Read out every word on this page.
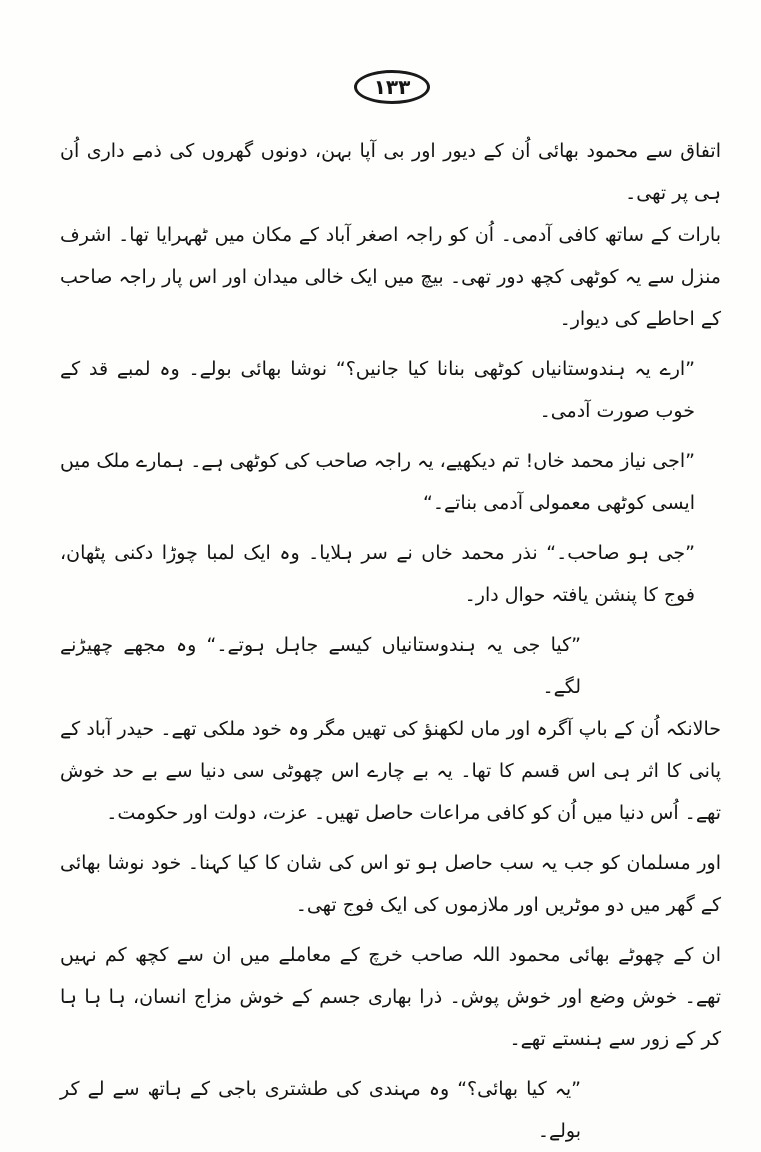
۱۳۳

اتفاق سے محمود بھائی اُن کے دیور اور بی آپا بہن، دونوں گھروں کی ذمے داری اُن ہی پر تھی۔

بارات کے ساتھ کافی آدمی۔ اُن کو راجہ اصغر آباد کے مکان میں ٹھہرایا تھا۔ اشرف منزل سے یہ کوٹھی کچھ دور تھی۔ بیچ میں ایک خالی میدان اور اس پار راجہ صاحب کے احاطے کی دیوار۔

”ارے یہ ہندوستانیاں کوٹھی بنانا کیا جانیں؟“ نوشا بھائی بولے۔ وہ لمبے قد کے خوب صورت آدمی۔

”اجی نیاز محمد خاں! تم دیکھیے، یہ راجہ صاحب کی کوٹھی ہے۔ ہمارے ملک میں ایسی کوٹھی معمولی آدمی بناتے۔“

”جی ہو صاحب۔“ نذر محمد خاں نے سر ہلایا۔ وہ ایک لمبا چوڑا دکنی پٹھان، فوج کا پنشن یافتہ حوال دار۔

”کیا جی یہ ہندوستانیاں کیسے جاہل ہوتے۔“ وہ مجھے چھیڑنے لگے۔

حالانکہ اُن کے باپ آگرہ اور ماں لکھنؤ کی تھیں مگر وہ خود ملکی تھے۔ حیدر آباد کے پانی کا اثر ہی اس قسم کا تھا۔ یہ بے چارے اس چھوٹی سی دنیا سے بے حد خوش تھے۔ اُس دنیا میں اُن کو کافی مراعات حاصل تھیں۔ عزت، دولت اور حکومت۔

اور مسلمان کو جب یہ سب حاصل ہو تو اس کی شان کا کیا کہنا۔ خود نوشا بھائی کے گھر میں دو موٹریں اور ملازموں کی ایک فوج تھی۔

ان کے چھوٹے بھائی محمود اللہ صاحب خرچ کے معاملے میں ان سے کچھ کم نہیں تھے۔ خوش وضع اور خوش پوش۔ ذرا بھاری جسم کے خوش مزاج انسان، ہا ہا ہا کر کے زور سے ہنستے تھے۔

”یہ کیا بھائی؟“ وہ مہندی کی طشتری باجی کے ہاتھ سے لے کر بولے۔
